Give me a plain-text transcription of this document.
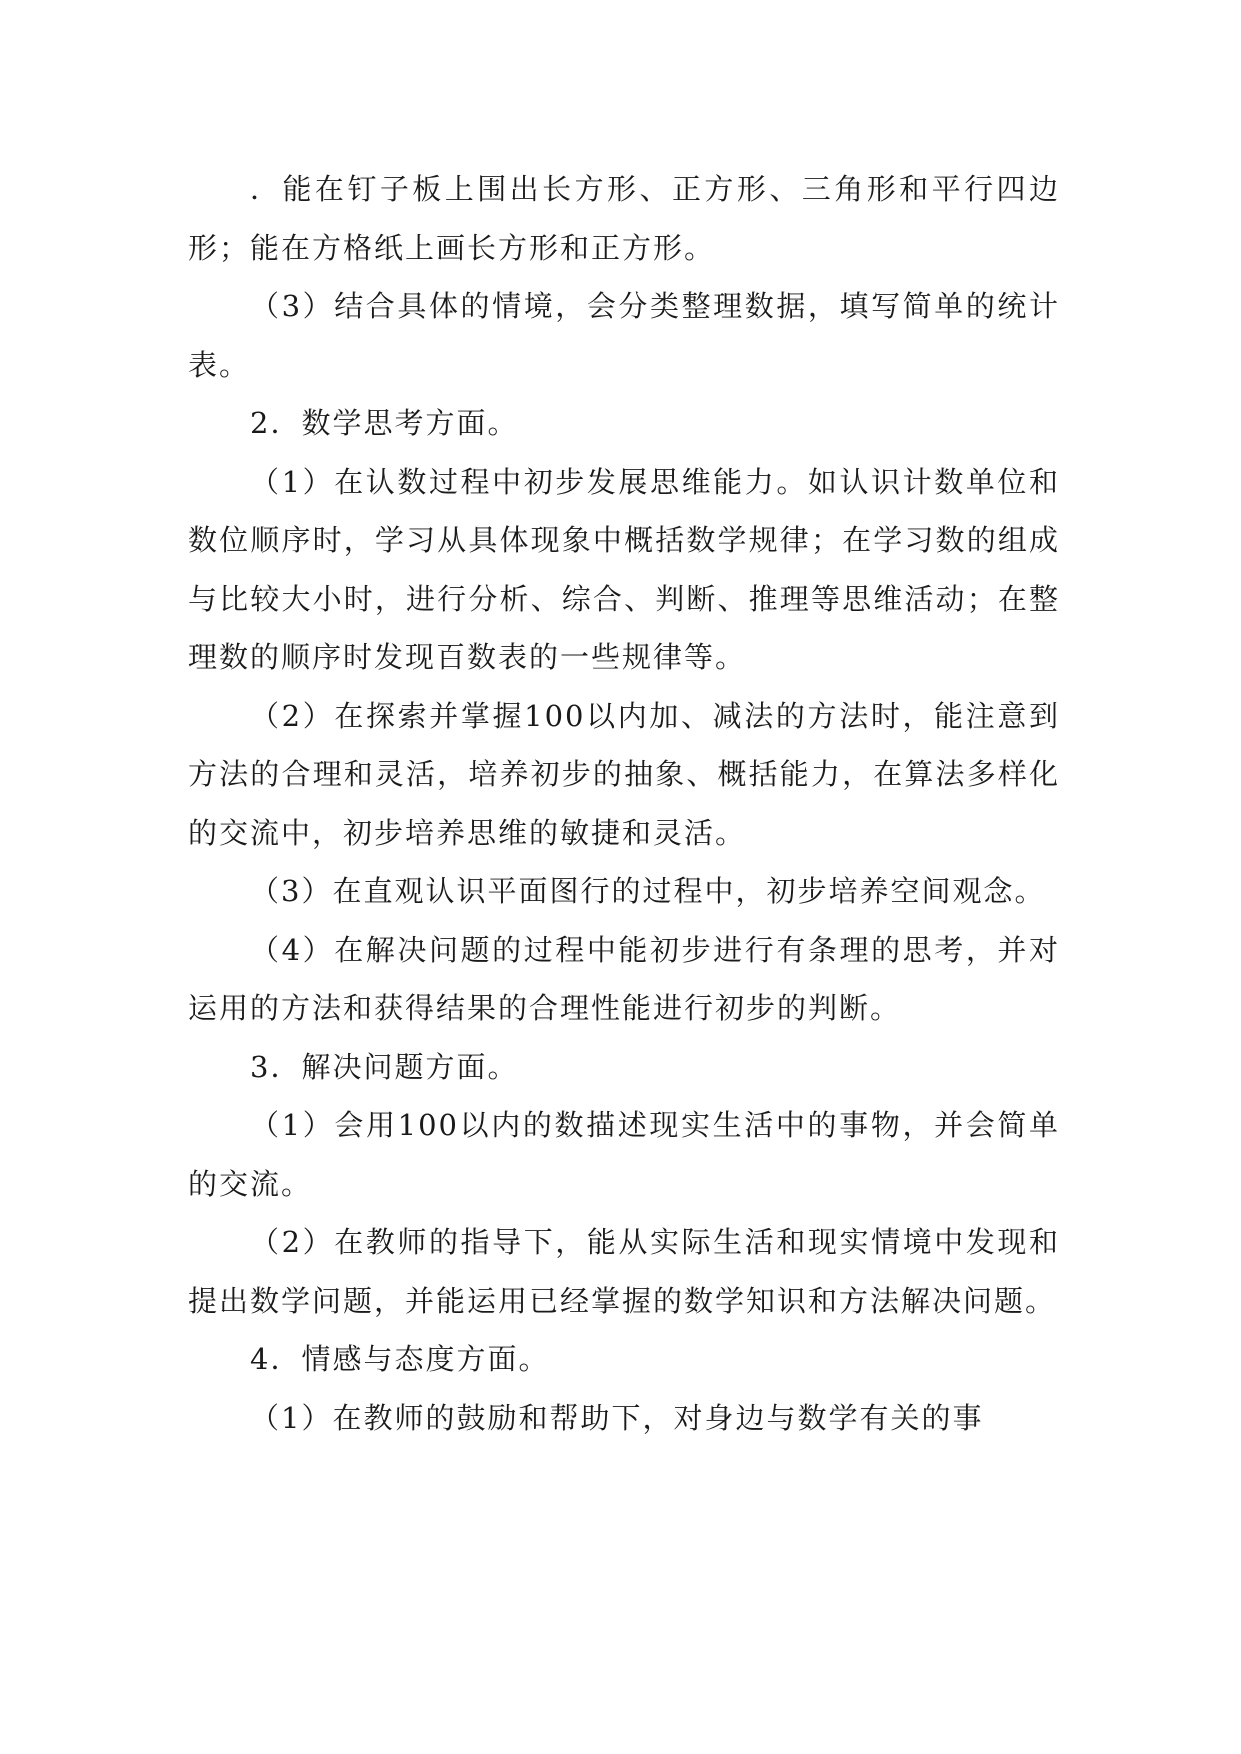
．能在钉子板上围出长方形、正方形、三角形和平行四边形；能在方格纸上画长方形和正方形。

（3）结合具体的情境，会分类整理数据，填写简单的统计表。

2．数学思考方面。

（1）在认数过程中初步发展思维能力。如认识计数单位和数位顺序时，学习从具体现象中概括数学规律；在学习数的组成与比较大小时，进行分析、综合、判断、推理等思维活动；在整理数的顺序时发现百数表的一些规律等。

（2）在探索并掌握100以内加、减法的方法时，能注意到方法的合理和灵活，培养初步的抽象、概括能力，在算法多样化的交流中，初步培养思维的敏捷和灵活。

（3）在直观认识平面图行的过程中，初步培养空间观念。

（4）在解决问题的过程中能初步进行有条理的思考，并对运用的方法和获得结果的合理性能进行初步的判断。

3．解决问题方面。

（1）会用100以内的数描述现实生活中的事物，并会简单的交流。

（2）在教师的指导下，能从实际生活和现实情境中发现和提出数学问题，并能运用已经掌握的数学知识和方法解决问题。

4．情感与态度方面。

（1）在教师的鼓励和帮助下，对身边与数学有关的事
